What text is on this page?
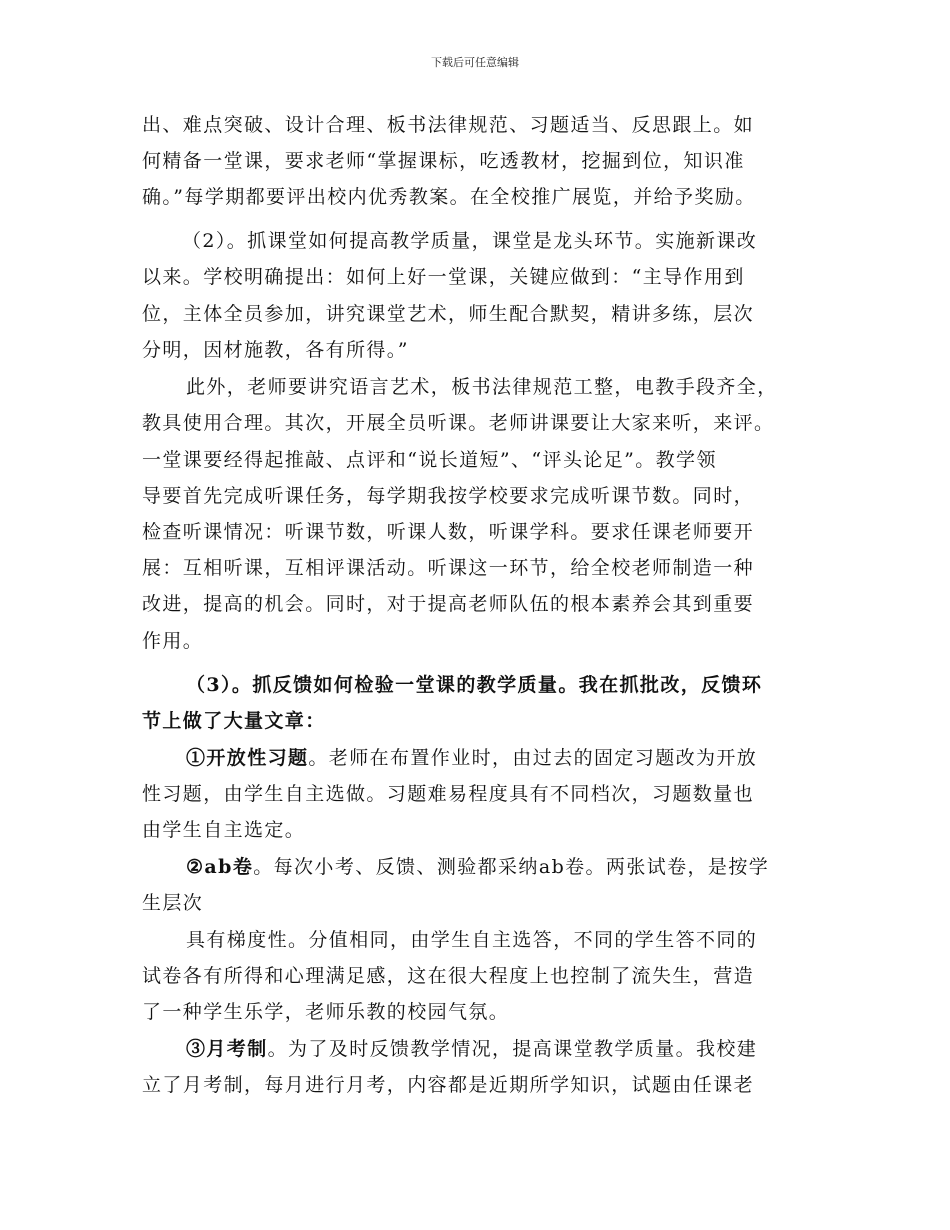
下载后可任意编辑
出、难点突破、设计合理、板书法律规范、习题适当、反思跟上。如
何精备一堂课，要求老师“掌握课标，吃透教材，挖掘到位，知识准
确。”每学期都要评出校内优秀教案。在全校推广展览，并给予奖励。
（2）。抓课堂如何提高教学质量，课堂是龙头环节。实施新课改
以来。学校明确提出：如何上好一堂课，关键应做到：“主导作用到
位，主体全员参加，讲究课堂艺术，师生配合默契，精讲多练，层次
分明，因材施教，各有所得。”
此外，老师要讲究语言艺术，板书法律规范工整，电教手段齐全，
教具使用合理。其次，开展全员听课。老师讲课要让大家来听，来评。
一堂课要经得起推敲、点评和“说长道短”、“评头论足”。教学领
导要首先完成听课任务，每学期我按学校要求完成听课节数。同时，
检查听课情况：听课节数，听课人数，听课学科。要求任课老师要开
展：互相听课，互相评课活动。听课这一环节，给全校老师制造一种
改进，提高的机会。同时，对于提高老师队伍的根本素养会其到重要
作用。
（3）。抓反馈如何检验一堂课的教学质量。我在抓批改，反馈环
节上做了大量文章：
①开放性习题。老师在布置作业时，由过去的固定习题改为开放
性习题，由学生自主选做。习题难易程度具有不同档次，习题数量也
由学生自主选定。
②ab卷。每次小考、反馈、测验都采纳ab卷。两张试卷，是按学
生层次
具有梯度性。分值相同，由学生自主选答，不同的学生答不同的
试卷各有所得和心理满足感，这在很大程度上也控制了流失生，营造
了一种学生乐学，老师乐教的校园气氛。
③月考制。为了及时反馈教学情况，提高课堂教学质量。我校建
立了月考制，每月进行月考，内容都是近期所学知识，试题由任课老
